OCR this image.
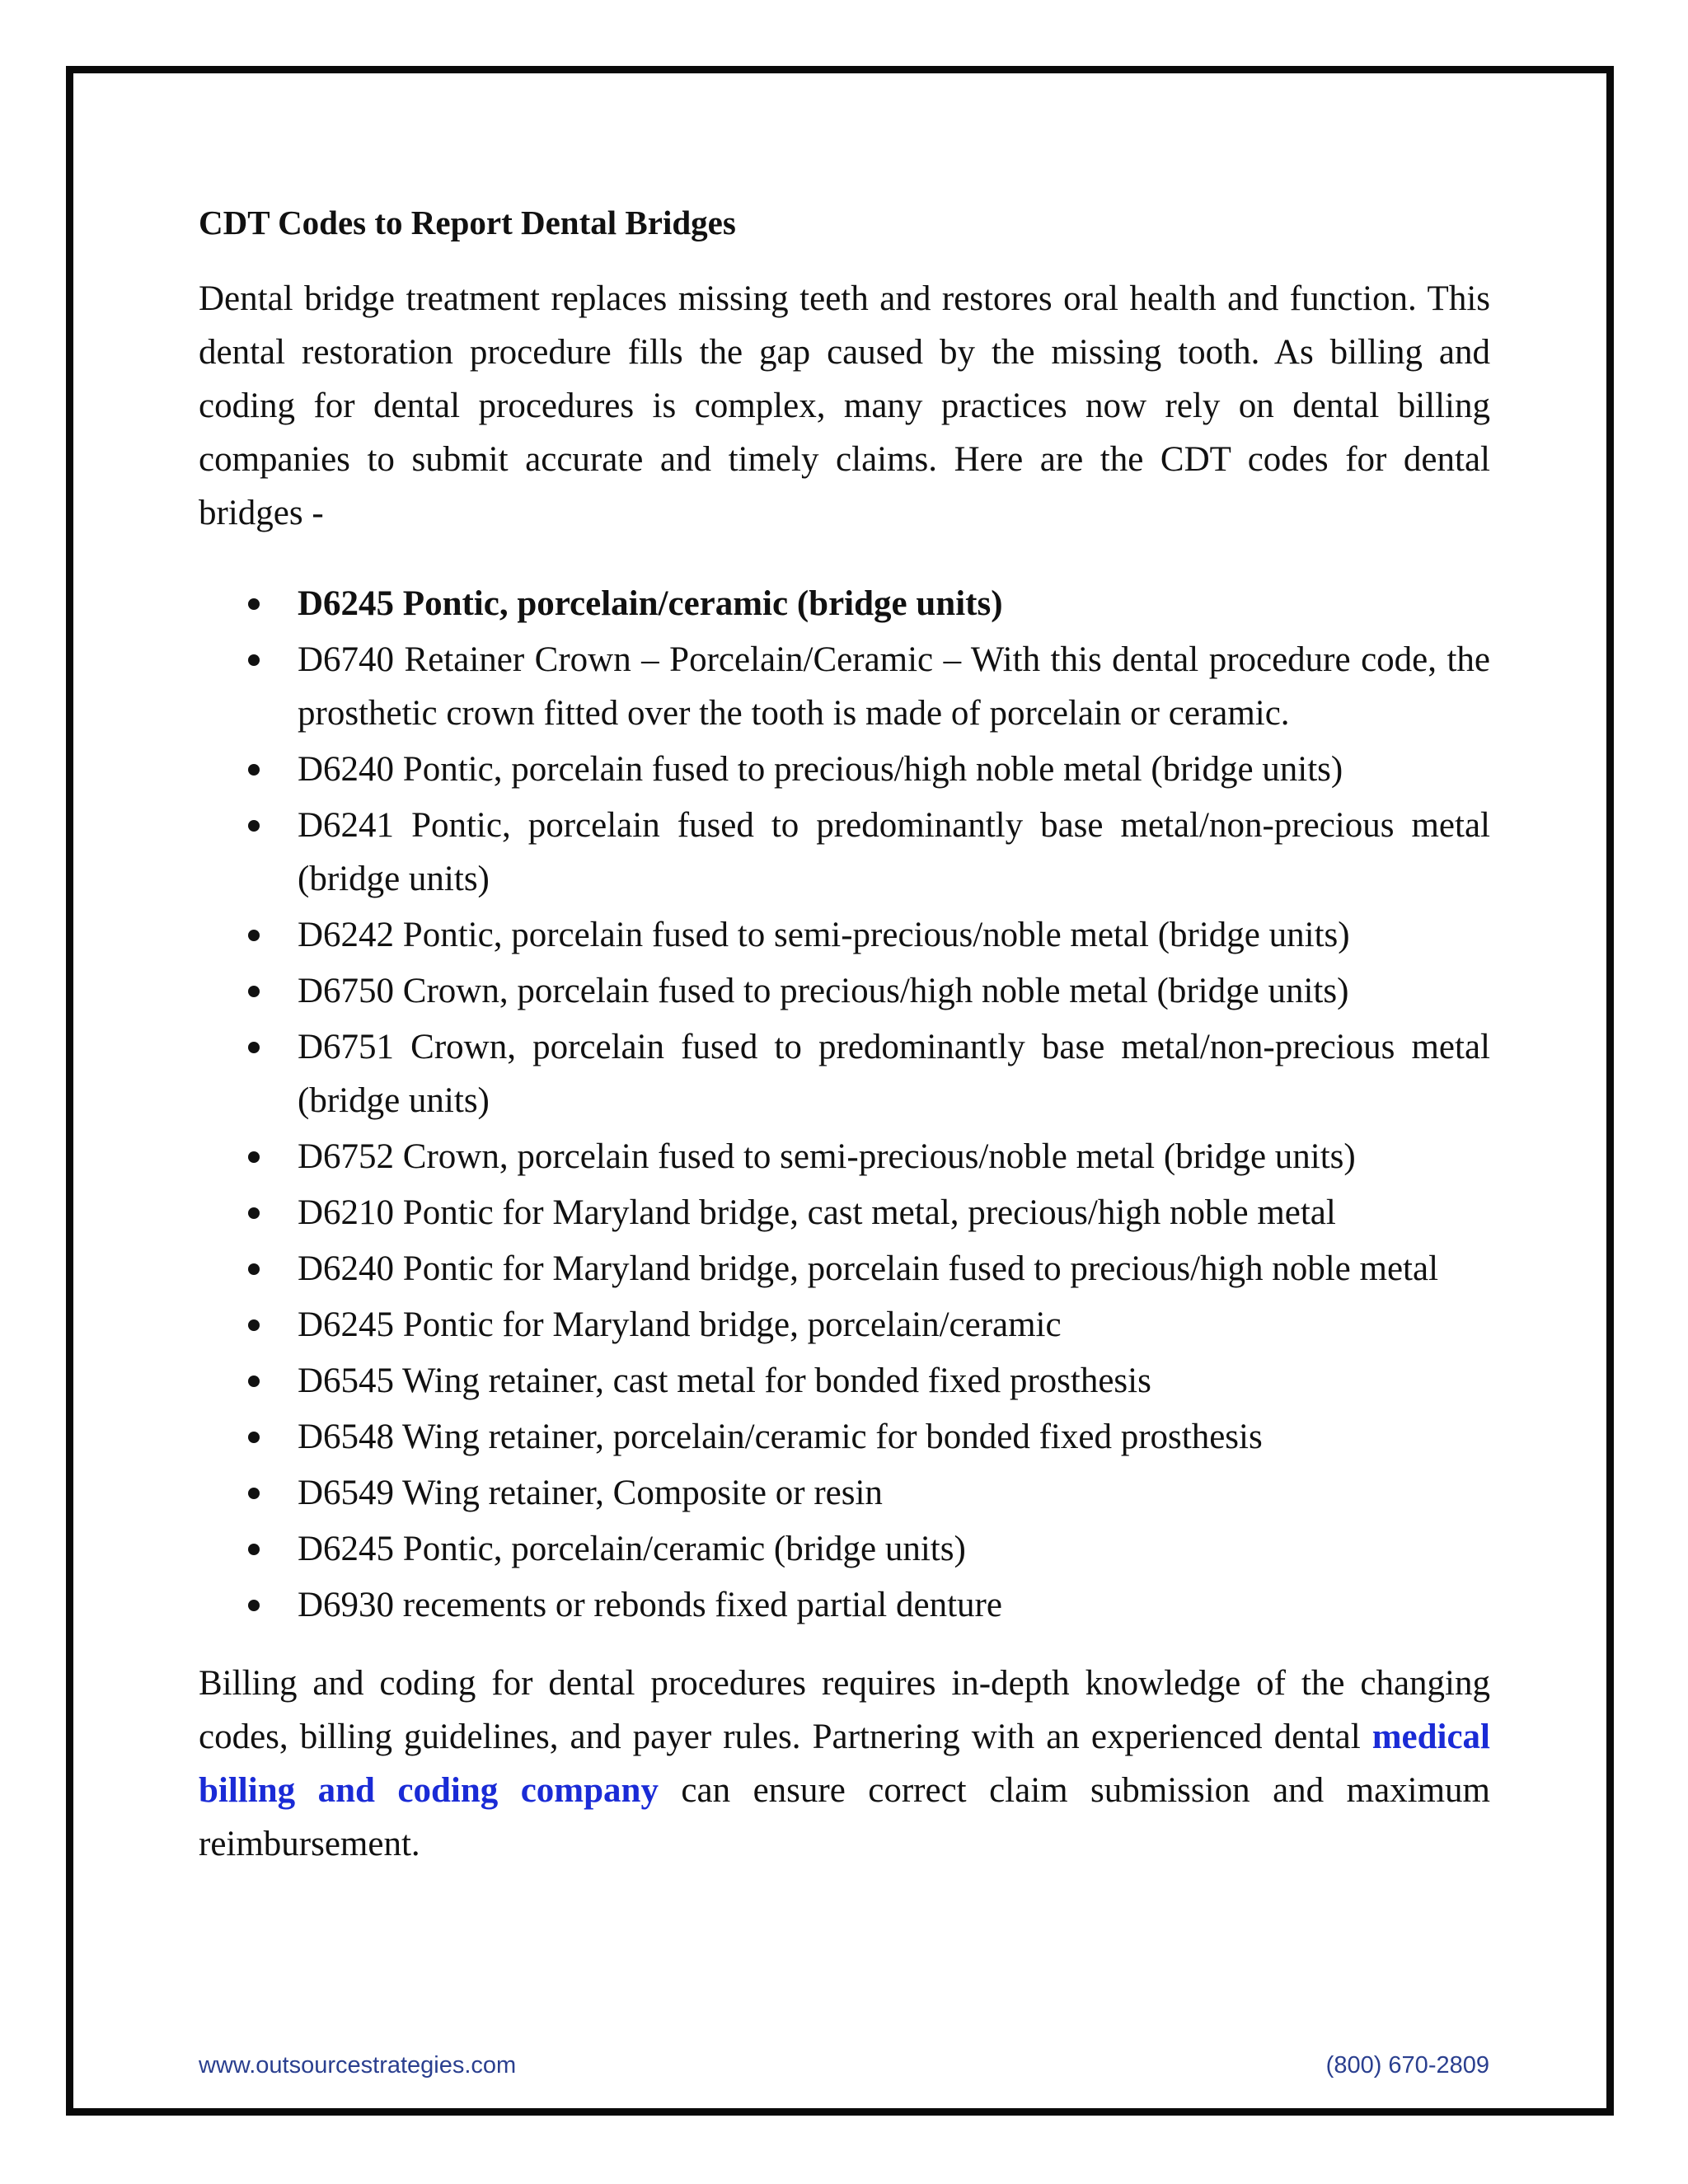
CDT Codes to Report Dental Bridges

Dental bridge treatment replaces missing teeth and restores oral health and function. This dental restoration procedure fills the gap caused by the missing tooth. As billing and coding for dental procedures is complex, many practices now rely on dental billing companies to submit accurate and timely claims. Here are the CDT codes for dental bridges -

D6245 Pontic, porcelain/ceramic (bridge units)
D6740 Retainer Crown – Porcelain/Ceramic – With this dental procedure code, the prosthetic crown fitted over the tooth is made of porcelain or ceramic.
D6240 Pontic, porcelain fused to precious/high noble metal (bridge units)
D6241 Pontic, porcelain fused to predominantly base metal/non-precious metal (bridge units)
D6242 Pontic, porcelain fused to semi-precious/noble metal (bridge units)
D6750 Crown, porcelain fused to precious/high noble metal (bridge units)
D6751 Crown, porcelain fused to predominantly base metal/non-precious metal (bridge units)
D6752 Crown, porcelain fused to semi-precious/noble metal (bridge units)
D6210 Pontic for Maryland bridge, cast metal, precious/high noble metal
D6240 Pontic for Maryland bridge, porcelain fused to precious/high noble metal
D6245 Pontic for Maryland bridge, porcelain/ceramic
D6545 Wing retainer, cast metal for bonded fixed prosthesis
D6548 Wing retainer, porcelain/ceramic for bonded fixed prosthesis
D6549 Wing retainer, Composite or resin
D6245 Pontic, porcelain/ceramic (bridge units)
D6930 recements or rebonds fixed partial denture

Billing and coding for dental procedures requires in-depth knowledge of the changing codes, billing guidelines, and payer rules. Partnering with an experienced dental medical billing and coding company can ensure correct claim submission and maximum reimbursement.

www.outsourcestrategies.com	(800) 670-2809
